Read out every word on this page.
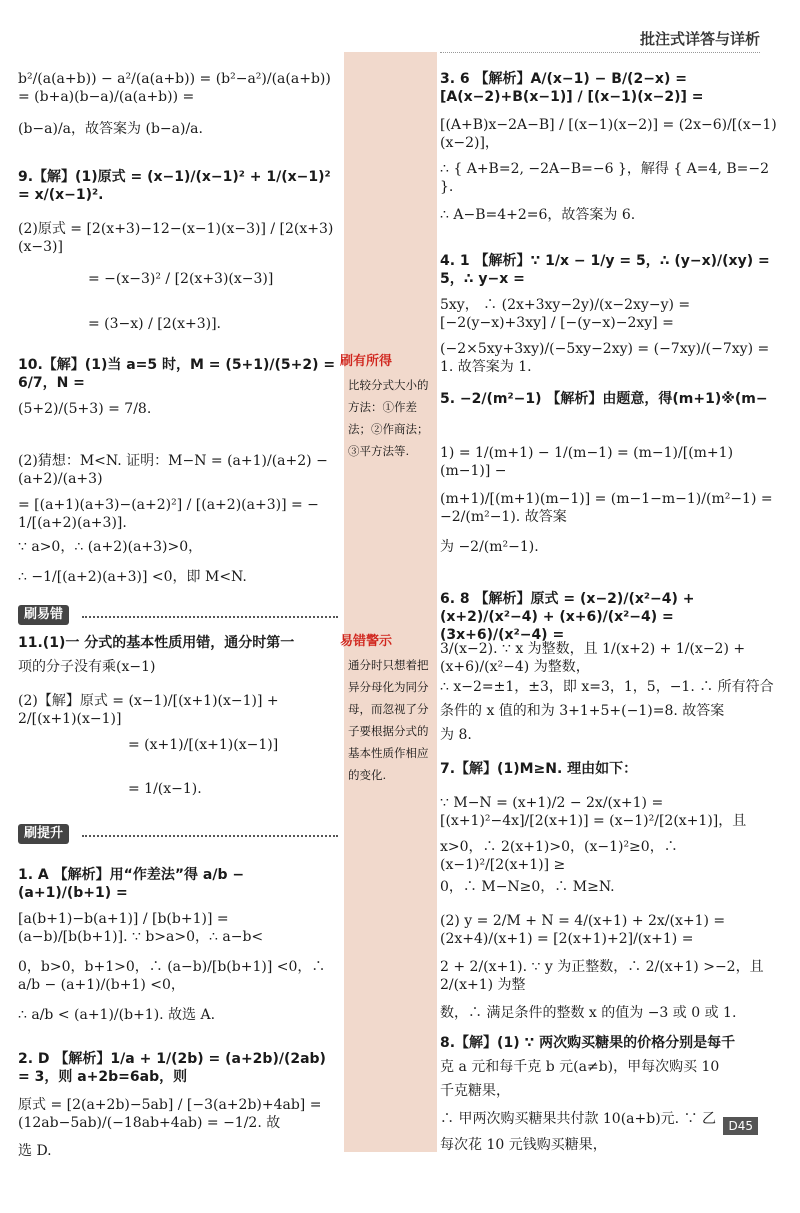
批注式详答与详析
刷有所得
比较分式大小的方法：①作差法；②作商法；③平方法等.
易错警示
通分时只想着把异分母化为同分母，而忽视了分子要根据分式的基本性质作相应的变化.
b²/(a(a+b)) − a²/(a(a+b)) = (b²−a²)/(a(a+b)) = (b+a)(b−a)/(a(a+b)) =
(b−a)/a，故答案为 (b−a)/a.
9.【解】(1)原式 = (x−1)/(x−1)² + 1/(x−1)² = x/(x−1)².
(2)原式 = [2(x+3)−12−(x−1)(x−3)] / [2(x+3)(x−3)]
= −(x−3)² / [2(x+3)(x−3)]
= (3−x) / [2(x+3)].
10.【解】(1)当 a=5 时，M = (5+1)/(5+2) = 6/7，N =
(5+2)/(5+3) = 7/8.
(2)猜想：M<N. 证明：M−N = (a+1)/(a+2) − (a+2)/(a+3)
= [(a+1)(a+3)−(a+2)²] / [(a+2)(a+3)] = − 1/[(a+2)(a+3)].
∵ a>0，∴ (a+2)(a+3)>0，
∴ −1/[(a+2)(a+3)] <0，即 M<N.
刷易错
11.(1)一 分式的基本性质用错，通分时第一
项的分子没有乘(x−1)
(2)【解】原式 = (x−1)/[(x+1)(x−1)] + 2/[(x+1)(x−1)]
= (x+1)/[(x+1)(x−1)]
= 1/(x−1).
刷提升
1. A 【解析】用“作差法”得 a/b − (a+1)/(b+1) =
[a(b+1)−b(a+1)] / [b(b+1)] = (a−b)/[b(b+1)]. ∵ b>a>0，∴ a−b<
0，b>0，b+1>0，∴ (a−b)/[b(b+1)] <0，∴ a/b − (a+1)/(b+1) <0，
∴ a/b < (a+1)/(b+1). 故选 A.
2. D 【解析】1/a + 1/(2b) = (a+2b)/(2ab) = 3，则 a+2b=6ab，则
原式 = [2(a+2b)−5ab] / [−3(a+2b)+4ab] = (12ab−5ab)/(−18ab+4ab) = −1/2. 故
选 D.
3. 6 【解析】A/(x−1) − B/(2−x) = [A(x−2)+B(x−1)] / [(x−1)(x−2)] =
[(A+B)x−2A−B] / [(x−1)(x−2)] = (2x−6)/[(x−1)(x−2)]，
∴ { A+B=2, −2A−B=−6 }，解得 { A=4, B=−2 }.
∴ A−B=4+2=6，故答案为 6.
4. 1 【解析】∵ 1/x − 1/y = 5，∴ (y−x)/(xy) = 5，∴ y−x =
5xy， ∴ (2x+3xy−2y)/(x−2xy−y) = [−2(y−x)+3xy] / [−(y−x)−2xy] =
(−2×5xy+3xy)/(−5xy−2xy) = (−7xy)/(−7xy) = 1. 故答案为 1.
5. −2/(m²−1) 【解析】由题意，得(m+1)※(m−
1) = 1/(m+1) − 1/(m−1) = (m−1)/[(m+1)(m−1)] −
(m+1)/[(m+1)(m−1)] = (m−1−m−1)/(m²−1) = −2/(m²−1). 故答案
为 −2/(m²−1).
6. 8 【解析】原式 = (x−2)/(x²−4) + (x+2)/(x²−4) + (x+6)/(x²−4) = (3x+6)/(x²−4) =
3/(x−2). ∵ x 为整数，且 1/(x+2) + 1/(x−2) + (x+6)/(x²−4) 为整数，
∴ x−2=±1，±3，即 x=3，1，5，−1. ∴ 所有符合
条件的 x 值的和为 3+1+5+(−1)=8. 故答案
为 8.
7.【解】(1)M≥N. 理由如下：
∵ M−N = (x+1)/2 − 2x/(x+1) = [(x+1)²−4x]/[2(x+1)] = (x−1)²/[2(x+1)]，且
x>0，∴ 2(x+1)>0，(x−1)²≥0，∴ (x−1)²/[2(x+1)] ≥
0，∴ M−N≥0，∴ M≥N.
(2) y = 2/M + N = 4/(x+1) + 2x/(x+1) = (2x+4)/(x+1) = [2(x+1)+2]/(x+1) =
2 + 2/(x+1). ∵ y 为正整数，∴ 2/(x+1) >−2，且 2/(x+1) 为整
数，∴ 满足条件的整数 x 的值为 −3 或 0 或 1.
8.【解】(1) ∵ 两次购买糖果的价格分别是每千
克 a 元和每千克 b 元(a≠b)，甲每次购买 10
千克糖果，
∴ 甲两次购买糖果共付款 10(a+b)元. ∵ 乙
每次花 10 元钱购买糖果，
D45
